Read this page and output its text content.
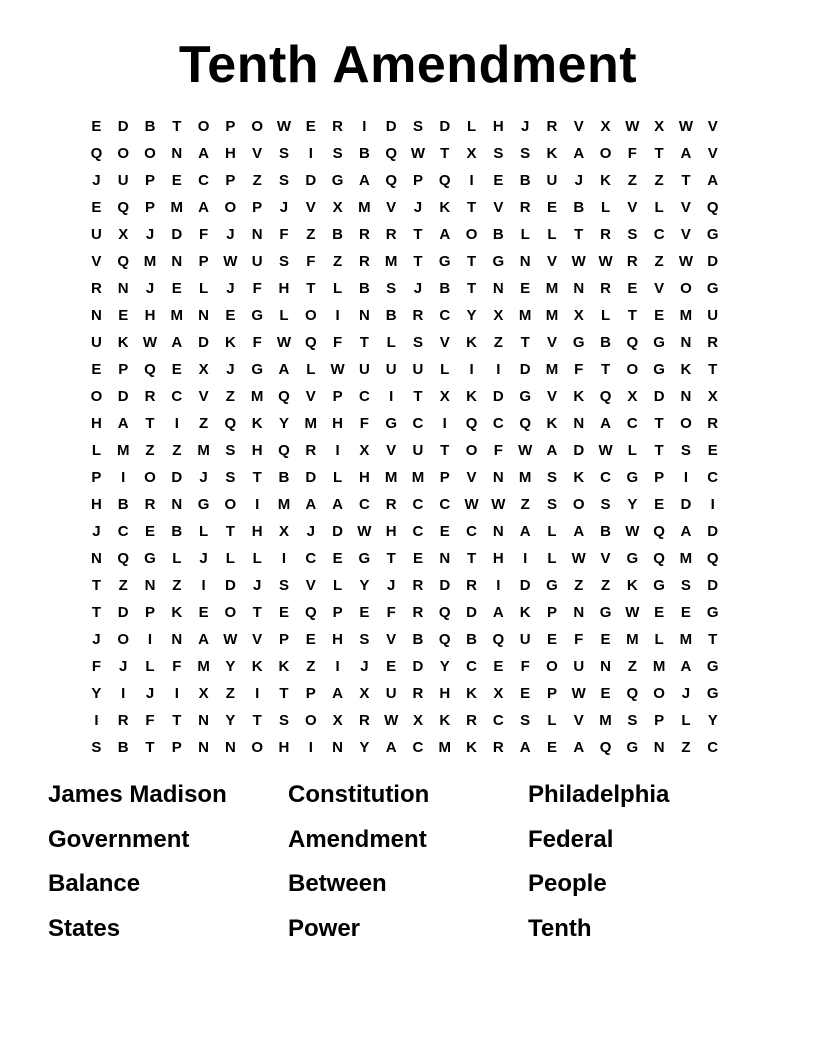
Tenth Amendment
E	D	B	T	O	P	O W E	R	I	D	S	D	L	H	J	R	V	X W X W V
Q	O	O	N	A	H	V	S	I	S	B	Q W	T	X	S	S	K	A	O	F	T	A	V
J	U	P	E	C	P	Z	S	D	G	A	Q	P	Q	I	E	B	U	J	K	Z	Z	T	A
E	Q	P	M	A	O	P	J	V	X	M	V	J	K	T	V	R	E	B	L	V	L	V	Q
U	X	J	D	F	J	N	F	Z	B	R	R	T	A	O	B	L	L	T	R	S	C	V	G
V	Q M	N	P W U	S	F	Z	R	M	T	G	T	G	N	V W W R	Z	W D
R	N	J	E	L	J	F	H	T	L	B	S	J	B	T	N	E	M	N	R	E	V	O	G
N	E	H	M	N	E	G	L	O	I	N	B	R	C	Y	X	M M	X	L	T	E	M	U
U	K W A	D	K	F	W Q	F	T	L	S	V	K	Z	T	V	G	B	Q	G	N	R
E	P	Q	E	X	J	G	A	L	W U	U	U	L	I	I	D	M	F	T	O	G	K	T
O	D	R	C	V	Z	M Q	V	P	C	I	T	X	K	D	G	V	K	Q	X	D	N	X
H	A	T	I	Z	Q	K	Y	M	H	F	G	C	I	Q	C	Q	K	N	A	C	T	O	R
L	M	Z	Z	M	S	H	Q	R	I	X	V	U	T	O	F	W A	D W	L	T	S	E
P	I	O	D	J	S	T	B	D	L	H	M M	P	V	N	M	S	K	C	G	P	I	C
H	B	R	N	G	O	I	M	A	A	C	R	C	C W W	Z	S	O	S	Y	E	D	I
J	C	E	B	L	T	H	X	J	D W H	C	E	C	N	A	L	A	B W Q	A	D
N	Q	G	L	J	L	L	I	C	E	G	T	E	N	T	H	I	L	W V	G	Q M Q
T	Z	N	Z	I	D	J	S	V	L	Y	J	R	D	R	I	D	G	Z	Z	K	G	S	D
T	D	P	K	E	O	T	E	Q	P	E	F	R	Q	D	A	K	P	N	G W E	E	G
J	O	I	N	A W V	P	E	H	S	V	B	Q	B	Q	U	E	F	E	M	L	M	T
F	J	L	F	M	Y	K	K	Z	I	J	E	D	Y	C	E	F	O	U	N	Z	M	A	G
Y	I	J	I	X	Z	I	T	P	A	X	U	R	H	K	X	E	P W E	Q	O	J	G
I	R	F	T	N	Y	T	S	O	X	R W X	K	R	C	S	L	V	M	S	P	L	Y
S	B	T	P	N	N	O	H	I	N	Y	A	C	M	K	R	A	E	A	Q	G	N	Z	C
James Madison	Constitution	Philadelphia
Government	Amendment	Federal
Balance	Between	People
States	Power	Tenth
